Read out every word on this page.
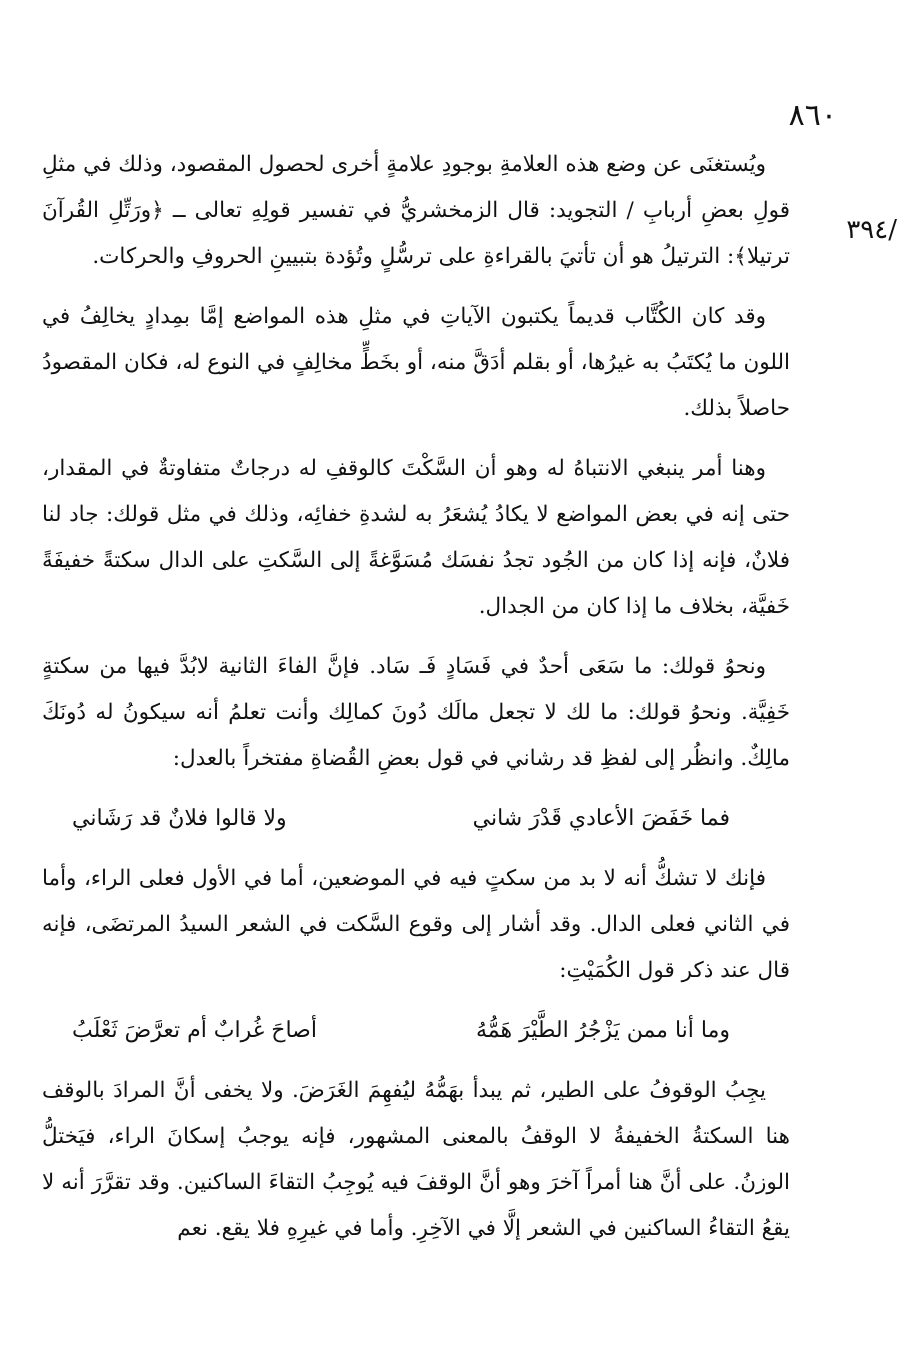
٨٦٠
/٣٩٤

ويُستغنَى عن وضع هذه العلامةِ بوجودِ علامةٍ أخرى لحصول المقصود، وذلك في مثلِ قولِ بعضِ أربابِ / التجويد: قال الزمخشريُّ في تفسير قولِهِ تعالى ــ ﴿ورَتِّلِ القُرآنَ ترتيلا﴾: الترتيلُ هو أن تأتيَ بالقراءةِ على ترسُّلٍ وتُؤدة بتبيينِ الحروفِ والحركات.

وقد كان الكُتَّاب قديماً يكتبون الآياتِ في مثلِ هذه المواضع إمَّا بمِدادٍ يخالِفُ في اللون ما يُكتَبُ به غيرُها، أو بقلم أدَقَّ منه، أو بخَطٍّ مخالِفٍ في النوع له، فكان المقصودُ حاصلاً بذلك.

وهنا أمر ينبغي الانتباهُ له وهو أن السَّكْتَ كالوقفِ له درجاتٌ متفاوتةٌ في المقدار، حتى إنه في بعض المواضع لا يكادُ يُشعَرُ به لشدةِ خفائِه، وذلك في مثل قولك: جاد لنا فلانٌ، فإنه إذا كان من الجُود تجدُ نفسَك مُسَوَّغةً إلى السَّكتِ على الدال سكتةً خفيفَةً خَفيَّة، بخلاف ما إذا كان من الجدال.

ونحوُ قولك: ما سَعَى أحدٌ في فَسَادٍ فَـ سَاد. فإنَّ الفاءَ الثانية لابُدَّ فيها من سكتةٍ خَفِيَّة. ونحوُ قولك: ما لك لا تجعل مالَك دُونَ كمالِك وأنت تعلمُ أنه سيكونُ له دُونَكَ مالِكٌ. وانظُر إلى لفظِ قد رشاني في قول بعضِ القُضاةِ مفتخراً بالعدل:

فما خَفَضَ الأعادي قَدْرَ شاني
ولا قالوا فلانٌ قد رَشَاني

فإنك لا تشكُّ أنه لا بد من سكتٍ فيه في الموضعين، أما في الأول فعلى الراء، وأما في الثاني فعلى الدال. وقد أشار إلى وقوع السَّكت في الشعر السيدُ المرتضَى، فإنه قال عند ذكر قول الكُمَيْتِ:

وما أنا ممن يَزْجُرُ الطَّيْرَ هَمُّهُ
أصاحَ غُرابٌ أم تعرَّضَ ثَعْلَبُ

يجِبُ الوقوفُ على الطير، ثم يبدأ بهَمُّهُ ليُفهِمَ الغَرَضَ. ولا يخفى أنَّ المرادَ بالوقف هنا السكتةُ الخفيفةُ لا الوقفُ بالمعنى المشهور، فإنه يوجبُ إسكانَ الراء، فيَختلُّ الوزنُ. على أنَّ هنا أمراً آخرَ وهو أنَّ الوقفَ فيه يُوجِبُ التقاءَ الساكنين. وقد تقرَّرَ أنه لا يقعُ التقاءُ الساكنين في الشعر إلَّا في الآخِرِ. وأما في غيرِهِ فلا يقع. نعم
